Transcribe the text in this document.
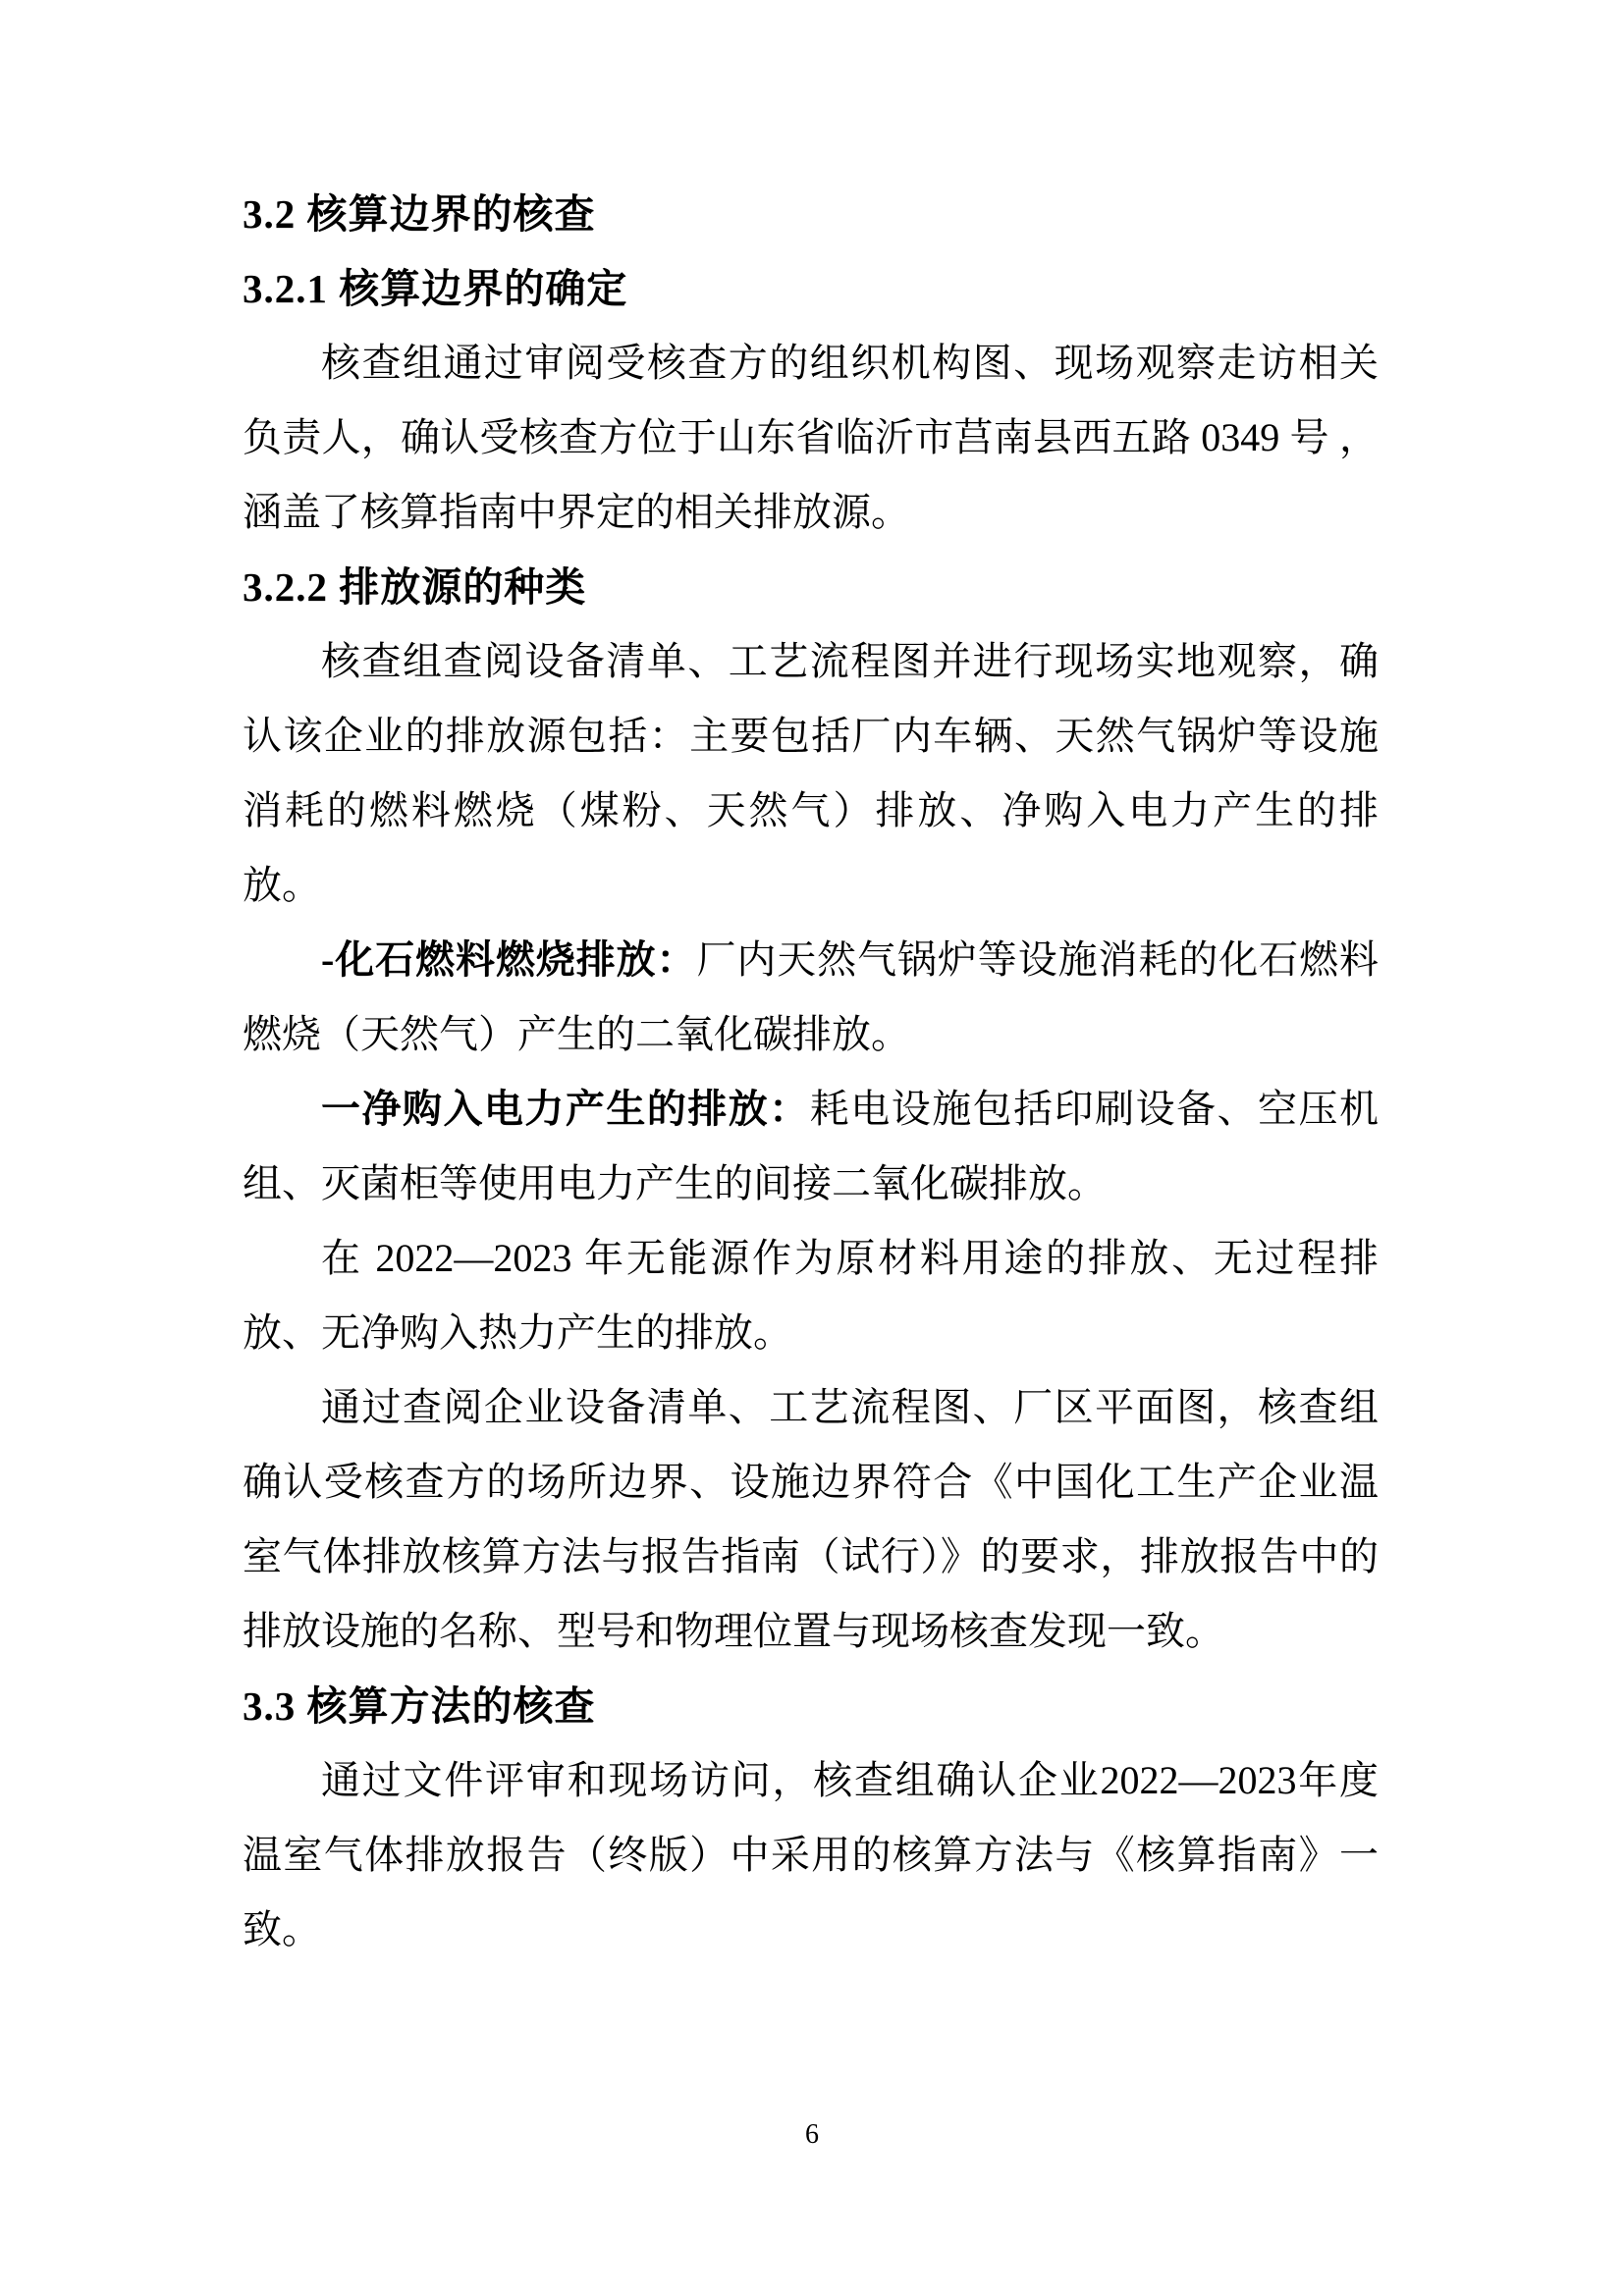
3.2 核算边界的核查
3.2.1 核算边界的确定

核查组通过审阅受核查方的组织机构图、现场观察走访相关负责人，确认受核查方位于山东省临沂市莒南县西五路 0349 号 ，涵盖了核算指南中界定的相关排放源。

3.2.2 排放源的种类

核查组查阅设备清单、工艺流程图并进行现场实地观察，确认该企业的排放源包括：主要包括厂内车辆、天然气锅炉等设施消耗的燃料燃烧（煤粉、天然气）排放、净购入电力产生的排放。

-化石燃料燃烧排放：厂内天然气锅炉等设施消耗的化石燃料燃烧（天然气）产生的二氧化碳排放。

一净购入电力产生的排放：耗电设施包括印刷设备、空压机组、灭菌柜等使用电力产生的间接二氧化碳排放。

在 2022—2023 年无能源作为原材料用途的排放、无过程排放、无净购入热力产生的排放。

通过查阅企业设备清单、工艺流程图、厂区平面图，核查组确认受核查方的场所边界、设施边界符合《中国化工生产企业温室气体排放核算方法与报告指南（试行）》的要求，排放报告中的排放设施的名称、型号和物理位置与现场核查发现一致。

3.3 核算方法的核查

通过文件评审和现场访问，核查组确认企业2022—2023年度温室气体排放报告（终版）中采用的核算方法与《核算指南》一致。

6
